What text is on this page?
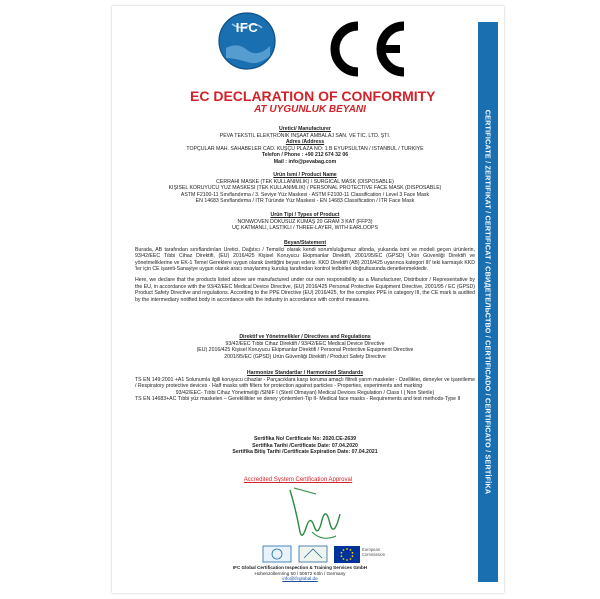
CERTIFICATE / ZERTIFIKAT / CERTIFICAT / СВИДЕТЕЛЬСТВО / CERTIFICADO / CERTIFICATO / SERTİFİKA
IFC
EC DECLARATION OF CONFORMITY
AT UYGUNLUK BEYANI
Üretici/ Manufacturer
PEVA TEKSTİL ELEKTRONİK İNŞAAT AMBALAJ SAN. VE TİC. LTD. ŞTİ.
Adres /Address
TOPÇULAR MAH. SAHABELER CAD. KUŞÇU PLAZA NO: 1 B EYÜPSULTAN / İSTANBUL / TÜRKİYE
Telefon / Phone : +90 212 674 32 06
Mail : info@pevabag.com
Ürün İsmi / Product Name
CERRAHİ MASKE (TEK KULLANIMLIK) / SURGICAL MASK (DISPOSABLE)
KİŞİSEL KORUYUCU YÜZ MASKESİ (TEK KULLANIMLIK) / PERSONAL PROTECTIVE FACE MASK (DISPOSABLE)
ASTM F2100-11 Sınıflandırma / 3. Seviye Yüz Maskesi - ASTM F2100-11 Classification / Level 3 Face Mask
EN 14683 Sınıflandırma / ITR Türünde Yüz Maskesi - EN 14683 Classification / ITR Face Mask
Ürün Tipi / Types of Product
NONWOVEN DOKUSUZ KUMAŞ 20 GRAM 3 KAT (FFP3)
ÜÇ KATMANLI, LASTİKLİ / THREE-LAYER, WITH EARLOOPS
Beyan/Statement
Burada, AB tarafından sınıflandırılan Üretici, Dağıtıcı / Temsilci olarak kendi sorumluluğumuz altında, yukarıda ismi ve modeli geçen ürünlerin, 93/42/EEC Tıbbi Cihaz Direktifi, (EU) 2016/425 Kişisel Koruyucu Ekipmanlar Direktifi, 2001/95/EC (GPSD) Ürün Güvenliği Direktifi ve yönetmeliklerine ve EK-1 Temel Gereklere uygun olarak ürettiğini beyan ederiz. KKD Direktifi (AB) 2016/425 uyarınca kategori III' teki karmaşık KKD 'ler için CE işareti-Sanayiye uygun olarak aracı onaylanmış kuruluş tarafından kontrol tedbirleri doğrultusunda denetlenmektedir.
Here, we declare that the products listed above are manufactured under our own responsibility as a Manufacturer, Distributor / Representative by the EU, in accordance with the 93/42/EEC Medical Device Directive, (EU) 2016/425 Personal Protective Equipment Directive, 2001/95 / EC (GPSD) Product Safety Directive and regulations. According to the PPE Directive (EU) 2016/425, for the complex PPE in category III, the CE mark is audited by the intermediary notified body in accordance with the industry in accordance with control measures.
Direktif ve Yönetmelikler / Directives and Regulations
93/42/EEC Tıbbi Cihaz Direktifi / 93/42/EEC Medical Device Directive
(EU) 2016/425 Kişisel Koruyucu Ekipmanlar Direktifi / Personal Protective Equipment Directive
2001/95/EC (GPSD) Ürün Güvenliği Direktifi / Product Safety Directive
Harmonize Standartlar / Harmonized Standards
TS EN 149:2001 +A1 Solunumla ilgili koruyucu cihazlar - Parçacıklara karşı koruma amaçlı filtreli yarım maskeler - Özellikler, deneyler ve işaretleme / Respiratory protective devices - Half masks with filters for protection against particles - Properties, experiments and marking
93/42/EEC- Tıbbi Cihaz Yönetmeliği /SINIF I (Steril Olmayan) Medical Devices Regulation / Class I ( Non Sterile)
TS EN 14683+AC Tıbbi yüz maskeleri – Gereklilikler ve deney yöntemleri-Tip II- Medical face masks - Requirements and test methods-Type II
Sertifika No/ Certificate No: 2020.CE-2639
Sertifika Tarihi /Certificate Date: 07.04.2020
Sertifika Bitiş Tarihi /Certificate Expiration Date: 07.04.2021
Accredited System Certification Approval
European
Commission
IFC Global Certification Inspection & Training Services GmbH
Hohenzollernring 50 / 50672 Köln / Germany
info@ifcglobal.de
